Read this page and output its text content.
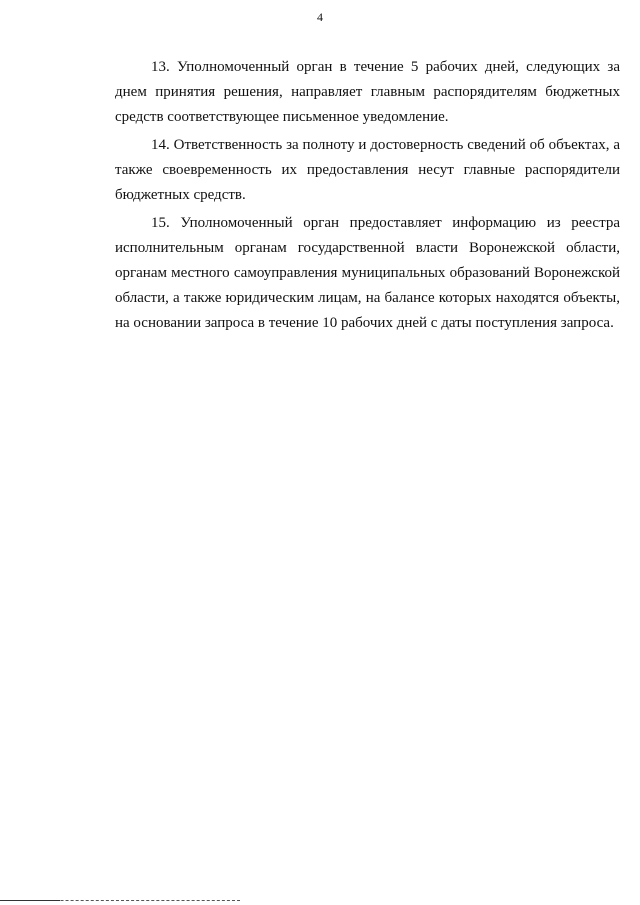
4

13. Уполномоченный орган в течение 5 рабочих дней, следующих за днем принятия решения, направляет главным распорядителям бюджетных средств соответствующее письменное уведомление.

14. Ответственность за полноту и достоверность сведений об объектах, а также своевременность их предоставления несут главные распорядители бюджетных средств.

15. Уполномоченный орган предоставляет информацию из реестра исполнительным органам государственной власти Воронежской области, органам местного самоуправления муниципальных образований Воронежской области, а также юридическим лицам, на балансе которых находятся объекты, на основании запроса в течение 10 рабочих дней с даты поступления запроса.
